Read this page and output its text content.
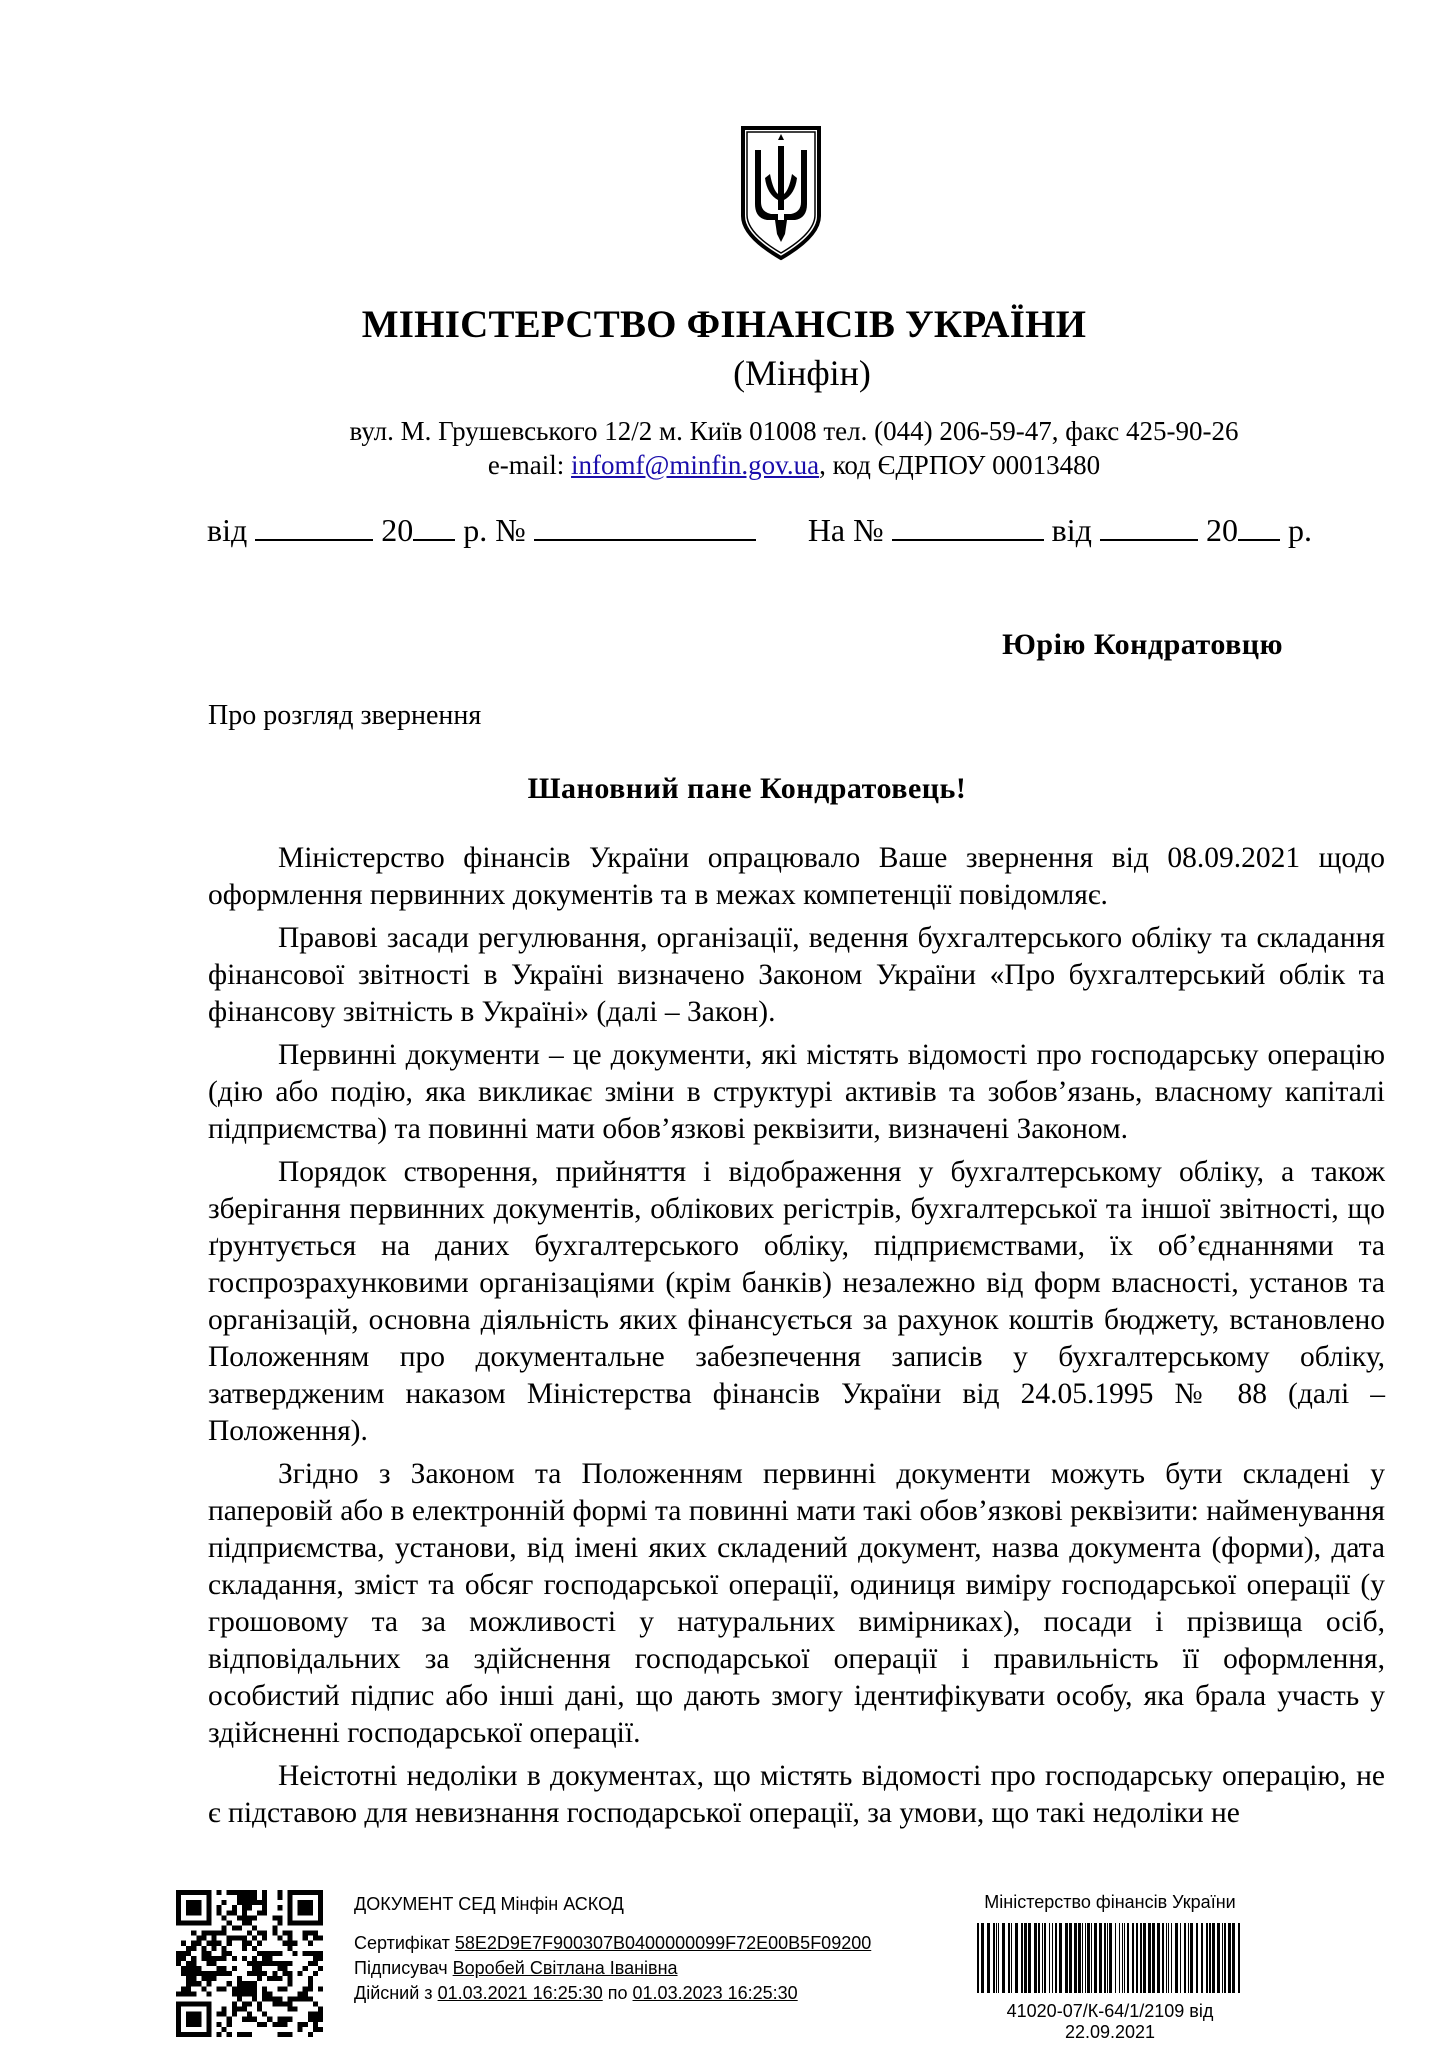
МІНІСТЕРСТВО ФІНАНСІВ УКРАЇНИ
(Мінфін)
вул. М. Грушевського 12/2 м. Київ 01008 тел. (044) 206-59-47, факс 425-90-26
e-mail: infomf@minfin.gov.ua, код ЄДРПОУ 00013480
від	20 р. №	На №	від	20 р.
Юрію Кондратовцю
Про розгляд звернення
Шановний пане Кондратовець!

Міністерство фінансів України опрацювало Ваше звернення від 08.09.2021 щодо оформлення первинних документів та в межах компетенції повідомляє.

Правові засади регулювання, організації, ведення бухгалтерського обліку та складання фінансової звітності в Україні визначено Законом України «Про бухгалтерський облік та фінансову звітність в Україні» (далі – Закон).

Первинні документи – це документи, які містять відомості про господарську операцію (дію або подію, яка викликає зміни в структурі активів та зобов’язань, власному капіталі підприємства) та повинні мати обов’язкові реквізити, визначені Законом.

Порядок створення, прийняття і відображення у бухгалтерському обліку, а також зберігання первинних документів, облікових регістрів, бухгалтерської та іншої звітності, що ґрунтується на даних бухгалтерського обліку, підприємствами, їх об’єднаннями та госпрозрахунковими організаціями (крім банків) незалежно від форм власності, установ та організацій, основна діяльність яких фінансується за рахунок коштів бюджету, встановлено Положенням про документальне забезпечення записів у бухгалтерському обліку, затвердженим наказом Міністерства фінансів України від 24.05.1995 № 88 (далі – Положення).

Згідно з Законом та Положенням первинні документи можуть бути складені у паперовій або в електронній формі та повинні мати такі обов’язкові реквізити: найменування підприємства, установи, від імені яких складений документ, назва документа (форми), дата складання, зміст та обсяг господарської операції, одиниця виміру господарської операції (у грошовому та за можливості у натуральних вимірниках), посади і прізвища осіб, відповідальних за здійснення господарської операції і правильність її оформлення, особистий підпис або інші дані, що дають змогу ідентифікувати особу, яка брала участь у здійсненні господарської операції.

Неістотні недоліки в документах, що містять відомості про господарську операцію, не є підставою для невизнання господарської операції, за умови, що такі недоліки не

ДОКУМЕНТ СЕД Мінфін АСКОД
Сертифікат 58E2D9E7F900307B0400000099F72E00B5F09200
Підписувач Воробей Світлана Іванівна
Дійсний з 01.03.2021 16:25:30 по 01.03.2023 16:25:30
Міністерство фінансів України
41020-07/К-64/1/2109 від 22.09.2021
